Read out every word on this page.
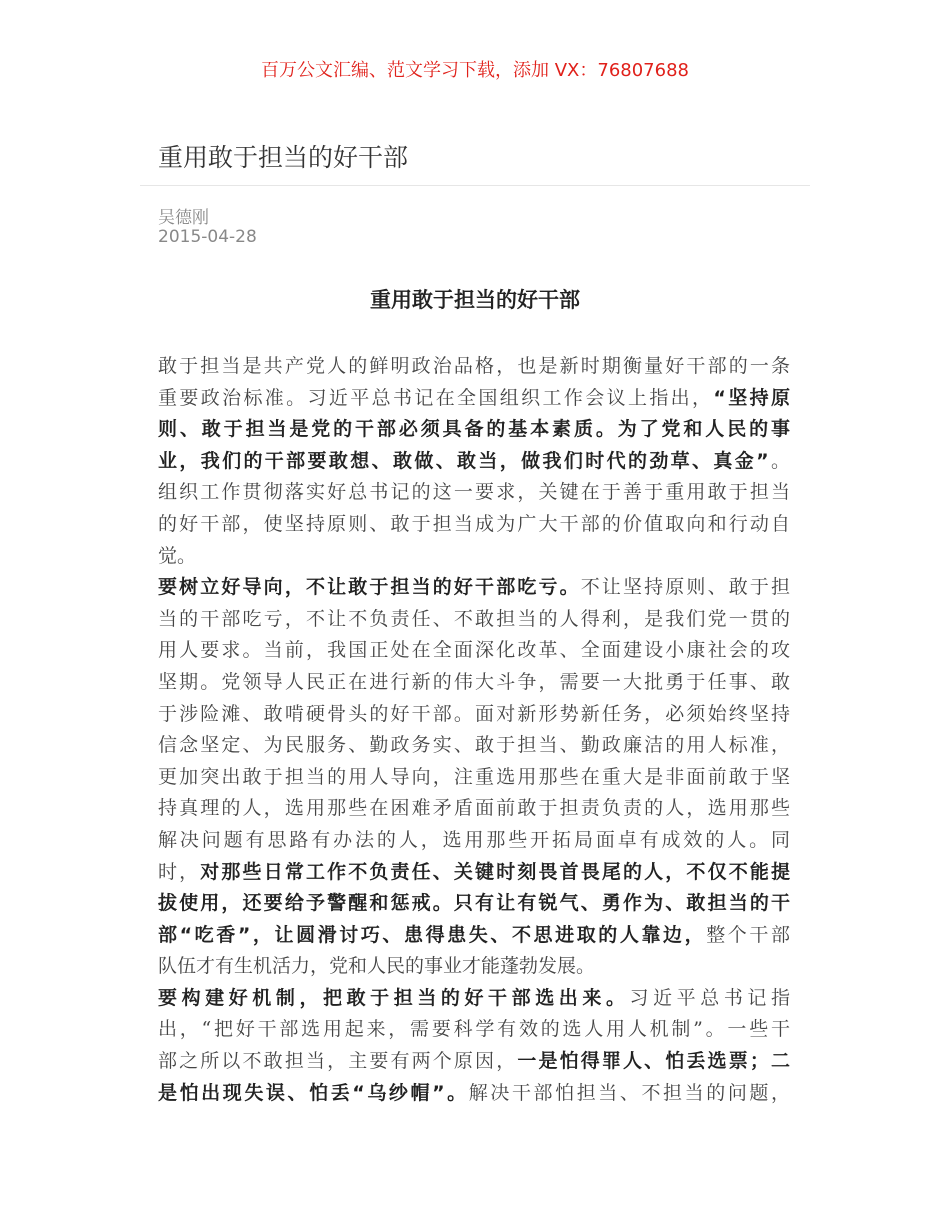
百万公文汇编、范文学习下载，添加 VX：76807688
重用敢于担当的好干部
吴德刚
2015-04-28
重用敢于担当的好干部
敢于担当是共产党人的鲜明政治品格，也是新时期衡量好干部的一条
重要政治标准。习近平总书记在全国组织工作会议上指出，“坚持原
则、敢于担当是党的干部必须具备的基本素质。为了党和人民的事
业，我们的干部要敢想、敢做、敢当，做我们时代的劲草、真金”。
组织工作贯彻落实好总书记的这一要求，关键在于善于重用敢于担当
的好干部，使坚持原则、敢于担当成为广大干部的价值取向和行动自
觉。
要树立好导向，不让敢于担当的好干部吃亏。不让坚持原则、敢于担
当的干部吃亏，不让不负责任、不敢担当的人得利，是我们党一贯的
用人要求。当前，我国正处在全面深化改革、全面建设小康社会的攻
坚期。党领导人民正在进行新的伟大斗争，需要一大批勇于任事、敢
于涉险滩、敢啃硬骨头的好干部。面对新形势新任务，必须始终坚持
信念坚定、为民服务、勤政务实、敢于担当、勤政廉洁的用人标准，
更加突出敢于担当的用人导向，注重选用那些在重大是非面前敢于坚
持真理的人，选用那些在困难矛盾面前敢于担责负责的人，选用那些
解决问题有思路有办法的人，选用那些开拓局面卓有成效的人。同
时，对那些日常工作不负责任、关键时刻畏首畏尾的人，不仅不能提
拔使用，还要给予警醒和惩戒。只有让有锐气、勇作为、敢担当的干
部“吃香”，让圆滑讨巧、患得患失、不思进取的人靠边，整个干部
队伍才有生机活力，党和人民的事业才能蓬勃发展。
要构建好机制，把敢于担当的好干部选出来。习近平总书记指
出，“把好干部选用起来，需要科学有效的选人用人机制”。一些干
部之所以不敢担当，主要有两个原因，一是怕得罪人、怕丢选票；二
是怕出现失误、怕丢“乌纱帽”。解决干部怕担当、不担当的问题，
